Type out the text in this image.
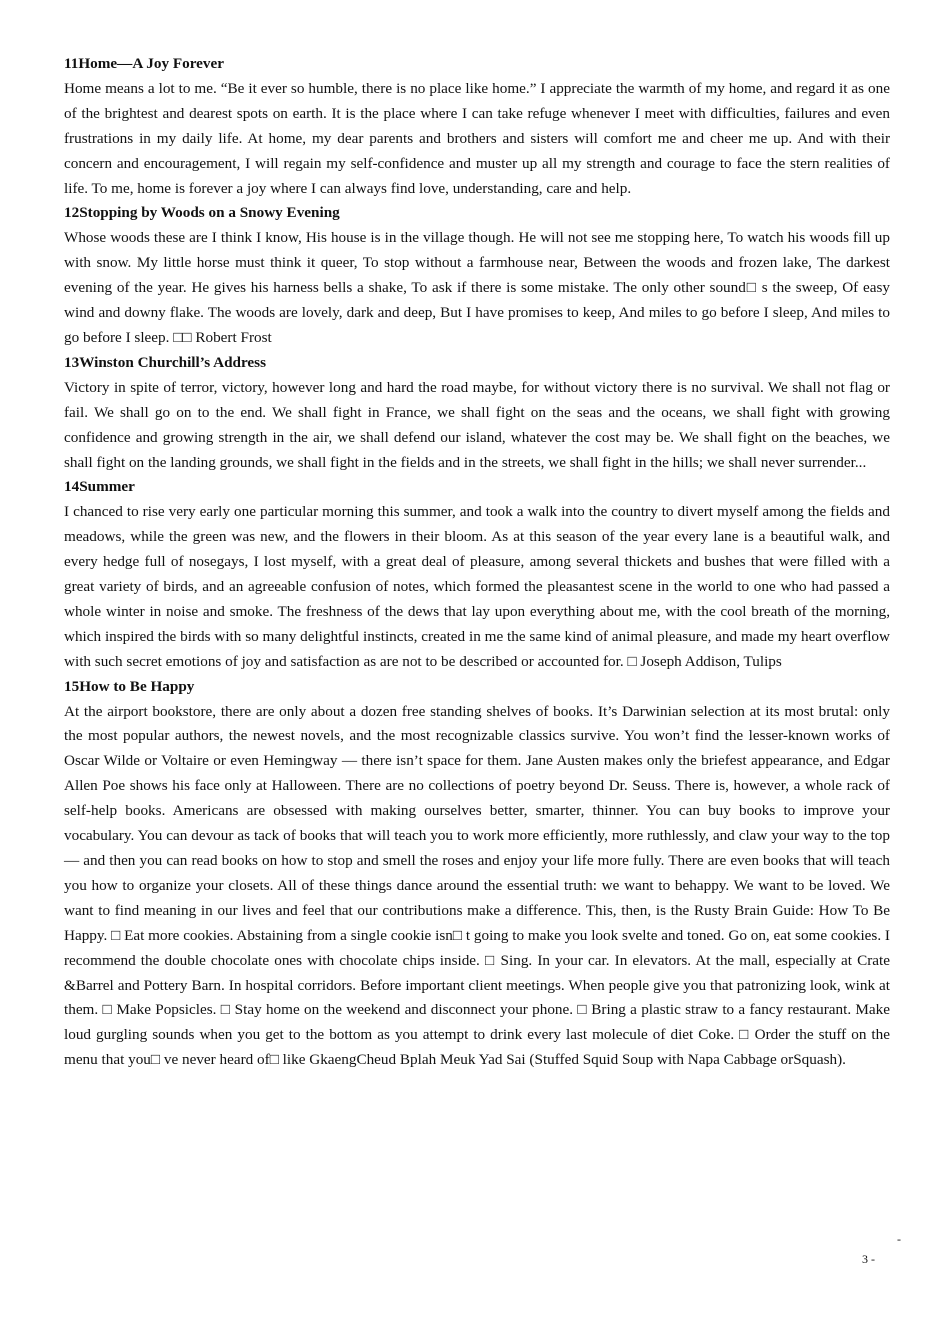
11Home—A Joy Forever
Home means a lot to me. “Be it ever so humble, there is no place like home.” I appreciate the warmth of my home, and regard it as one of the brightest and dearest spots on earth. It is the place where I can take refuge whenever I meet with difficulties, failures and even frustrations in my daily life. At home, my dear parents and brothers and sisters will comfort me and cheer me up. And with their concern and encouragement, I will regain my self-confidence and muster up all my strength and courage to face the stern realities of life. To me, home is forever a joy where I can always find love, understanding, care and help.
12Stopping by Woods on a Snowy Evening
Whose woods these are I think I know, His house is in the village though. He will not see me stopping here, To watch his woods fill up with snow. My little horse must think it queer, To stop without a farmhouse near, Between the woods and frozen lake, The darkest evening of the year. He gives his harness bells a shake, To ask if there is some mistake. The only other sound□ s the sweep, Of easy wind and downy flake. The woods are lovely, dark and deep, But I have promises to keep, And miles to go before I sleep, And miles to go before I sleep. □□ Robert Frost
13Winston Churchill’s Address
Victory in spite of terror, victory, however long and hard the road maybe, for without victory there is no survival. We shall not flag or fail. We shall go on to the end. We shall fight in France, we shall fight on the seas and the oceans, we shall fight with growing confidence and growing strength in the air, we shall defend our island, whatever the cost may be. We shall fight on the beaches, we shall fight on the landing grounds, we shall fight in the fields and in the streets, we shall fight in the hills; we shall never surrender...
14Summer
I chanced to rise very early one particular morning this summer, and took a walk into the country to divert myself among the fields and meadows, while the green was new, and the flowers in their bloom. As at this season of the year every lane is a beautiful walk, and every hedge full of nosegays, I lost myself, with a great deal of pleasure, among several thickets and bushes that were filled with a great variety of birds, and an agreeable confusion of notes, which formed the pleasantest scene in the world to one who had passed a whole winter in noise and smoke. The freshness of the dews that lay upon everything about me, with the cool breath of the morning, which inspired the birds with so many delightful instincts, created in me the same kind of animal pleasure, and made my heart overflow with such secret emotions of joy and satisfaction as are not to be described or accounted for. □ Joseph Addison, Tulips
15How to Be Happy
At the airport bookstore, there are only about a dozen free standing shelves of books. It’s Darwinian selection at its most brutal: only the most popular authors, the newest novels, and the most recognizable classics survive. You won’t find the lesser-known works of Oscar Wilde or Voltaire or even Hemingway — there isn’t space for them. Jane Austen makes only the briefest appearance, and Edgar Allen Poe shows his face only at Halloween. There are no collections of poetry beyond Dr. Seuss. There is, however, a whole rack of self-help books. Americans are obsessed with making ourselves better, smarter, thinner. You can buy books to improve your vocabulary. You can devour as tack of books that will teach you to work more efficiently, more ruthlessly, and claw your way to the top — and then you can read books on how to stop and smell the roses and enjoy your life more fully. There are even books that will teach you how to organize your closets. All of these things dance around the essential truth: we want to behappy. We want to be loved. We want to find meaning in our lives and feel that our contributions make a difference. This, then, is the Rusty Brain Guide: How To Be Happy. □ Eat more cookies. Abstaining from a single cookie isn□ t going to make you look svelte and toned. Go on, eat some cookies. I recommend the double chocolate ones with chocolate chips inside. □ Sing. In your car. In elevators. At the mall, especially at Crate &Barrel and Pottery Barn. In hospital corridors. Before important client meetings. When people give you that patronizing look, wink at them. □ Make Popsicles. □ Stay home on the weekend and disconnect your phone. □ Bring a plastic straw to a fancy restaurant. Make loud gurgling sounds when you get to the bottom as you attempt to drink every last molecule of diet Coke. □ Order the stuff on the menu that you□ ve never heard of□ like GkaengCheud Bplah Meuk Yad Sai (Stuffed Squid Soup with Napa Cabbage orSquash).
-
3 -
